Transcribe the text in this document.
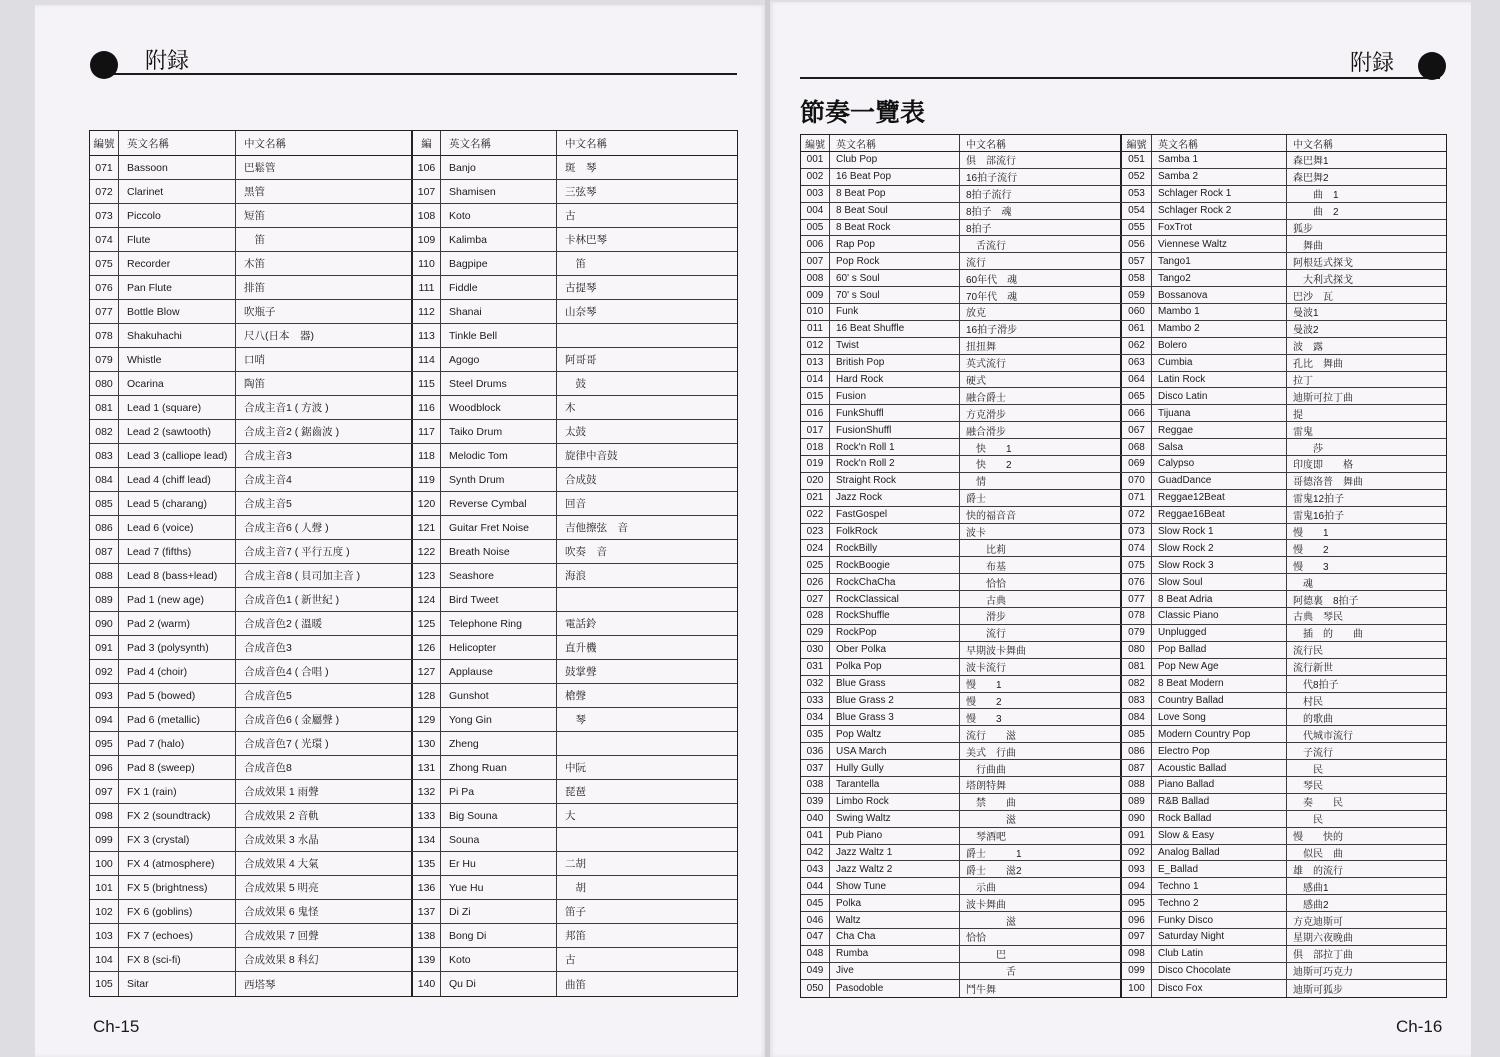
附録
編號	英文名稱	中文名稱	編	英文名稱	中文名稱
071	Bassoon	巴鬆管	106	Banjo	斑　琴
072	Clarinet	黑管	107	Shamisen	三弦琴
073	Piccolo	短笛	108	Koto	古
074	Flute	　笛	109	Kalimba	卡林巴琴
075	Recorder	木笛	110	Bagpipe	　笛
076	Pan Flute	排笛	111	Fiddle	古提琴
077	Bottle Blow	吹瓶子	112	Shanai	山奈琴
078	Shakuhachi	尺八(日本　器)	113	Tinkle Bell
079	Whistle	口哨	114	Agogo	阿哥哥
080	Ocarina	陶笛	115	Steel Drums	　鼓
081	Lead 1 (square)	合成主音1 ( 方波 )	116	Woodblock	木
082	Lead 2 (sawtooth)	合成主音2 ( 鋸齒波 )	117	Taiko Drum	太鼓
083	Lead 3 (calliope lead)	合成主音3	118	Melodic Tom	旋律中音鼓
084	Lead 4 (chiff lead)	合成主音4	119	Synth Drum	合成鼓
085	Lead 5 (charang)	合成主音5	120	Reverse Cymbal	回音
086	Lead 6 (voice)	合成主音6 ( 人聲 )	121	Guitar Fret Noise	吉他擦弦　音
087	Lead 7 (fifths)	合成主音7 ( 平行五度 )	122	Breath Noise	吹奏　音
088	Lead 8 (bass+lead)	合成主音8 ( 貝司加主音 )	123	Seashore	海浪
089	Pad 1 (new age)	合成音色1 ( 新世紀 )	124	Bird Tweet
090	Pad 2 (warm)	合成音色2 ( 溫暖	125	Telephone Ring	電話鈴
091	Pad 3 (polysynth)	合成音色3	126	Helicopter	直升機
092	Pad 4 (choir)	合成音色4 ( 合唱 )	127	Applause	鼓掌聲
093	Pad 5 (bowed)	合成音色5	128	Gunshot	槍聲
094	Pad 6 (metallic)	合成音色6 ( 金屬聲 )	129	Yong Gin	　琴
095	Pad 7 (halo)	合成音色7 ( 光環 )	130	Zheng
096	Pad 8 (sweep)	合成音色8	131	Zhong Ruan	中阮
097	FX 1 (rain)	合成效果 1 雨聲	132	Pi Pa	琵琶
098	FX 2 (soundtrack)	合成效果 2 音軌	133	Big Souna	大
099	FX 3 (crystal)	合成效果 3 水晶	134	Souna
100	FX 4 (atmosphere)	合成效果 4 大氣	135	Er Hu	二胡
101	FX 5 (brightness)	合成效果 5 明亮	136	Yue Hu	　胡
102	FX 6 (goblins)	合成效果 6 鬼怪	137	Di Zi	笛子
103	FX 7 (echoes)	合成效果 7 回聲	138	Bong Di	邦笛
104	FX 8 (sci-fi)	合成效果 8 科幻	139	Koto	古
105	Sitar	西塔琴	140	Qu Di	曲笛
Ch-15
附録
節奏一覽表
編號	英文名稱	中文名稱	編號	英文名稱	中文名稱
001	Club Pop	俱　部流行	051	Samba 1	森巴舞1
002	16 Beat Pop	16拍子流行	052	Samba 2	森巴舞2
003	8 Beat Pop	8拍子流行	053	Schlager Rock 1	　　曲　1
004	8 Beat Soul	8拍子　魂	054	Schlager Rock 2	　　曲　2
005	8 Beat Rock	8拍子	055	FoxTrot	狐步
006	Rap Pop	　舌流行	056	Viennese Waltz	　舞曲
007	Pop Rock	流行	057	Tango1	阿根廷式探戈
008	60' s Soul	60年代　魂	058	Tango2	　大利式探戈
009	70' s Soul	70年代　魂	059	Bossanova	巴沙　瓦
010	Funk	放克	060	Mambo 1	曼波1
011	16 Beat Shuffle	16拍子滑步	061	Mambo 2	曼波2
012	Twist	扭扭舞	062	Bolero	波　露
013	British Pop	英式流行	063	Cumbia	孔比　舞曲
014	Hard Rock	硬式	064	Latin Rock	拉丁
015	Fusion	融合爵士	065	Disco Latin	迪斯可拉丁曲
016	FunkShuffl	方克滑步	066	Tijuana	提
017	FusionShuffl	融合滑步	067	Reggae	雷鬼
018	Rock'n Roll 1	　快　　1	068	Salsa	　　莎
019	Rock'n Roll 2	　快　　2	069	Calypso	印度即　　格
020	Straight Rock	　情	070	GuadDance	哥德洛普　舞曲
021	Jazz Rock	爵士	071	Reggae12Beat	雷鬼12拍子
022	FastGospel	快的福音音	072	Reggae16Beat	雷鬼16拍子
023	FolkRock	波卡	073	Slow Rock 1	慢　　1
024	RockBilly	　　比莉	074	Slow Rock 2	慢　　2
025	RockBoogie	　　布基	075	Slow Rock 3	慢　　3
026	RockChaCha	　　恰恰	076	Slow Soul	　魂
027	RockClassical	　　古典	077	8 Beat Adria	阿德裏　8拍子
028	RockShuffle	　　滑步	078	Classic Piano	古典　琴民
029	RockPop	　　流行	079	Unplugged	　插　的　　曲
030	Ober Polka	早期波卡舞曲	080	Pop Ballad	流行民
031	Polka Pop	波卡流行	081	Pop New Age	流行新世
032	Blue Grass	慢　　1	082	8 Beat Modern	　代8拍子
033	Blue Grass 2	慢　　2	083	Country Ballad	　村民
034	Blue Grass 3	慢　　3	084	Love Song	　的歌曲
035	Pop Waltz	流行　　滋	085	Modern Country Pop	　代城市流行
036	USA March	美式　行曲	086	Electro Pop	　子流行
037	Hully Gully	　行曲曲	087	Acoustic Ballad	　　民
038	Tarantella	塔朗特舞	088	Piano Ballad	　琴民
039	Limbo Rock	　禁　　曲	089	R&B Ballad	　奏　　民
040	Swing Waltz	　　　　滋	090	Rock Ballad	　　民
041	Pub Piano	　琴酒吧	091	Slow & Easy	慢　　快的
042	Jazz Waltz 1	爵士　　　1	092	Analog Ballad	　似民　曲
043	Jazz Waltz 2	爵士　　滋2	093	E_Ballad	雄　的流行
044	Show Tune	　示曲	094	Techno 1	　感曲1
045	Polka	波卡舞曲	095	Techno 2	　感曲2
046	Waltz	　　　　滋	096	Funky Disco	方克迪斯可
047	Cha Cha	恰恰	097	Saturday Night	星期六夜晚曲
048	Rumba	　　　巴	098	Club Latin	俱　部拉丁曲
049	Jive	　　　　舌	099	Disco Chocolate	迪斯可巧克力
050	Pasodoble	鬥牛舞	100	Disco Fox	迪斯可狐步
Ch-16
